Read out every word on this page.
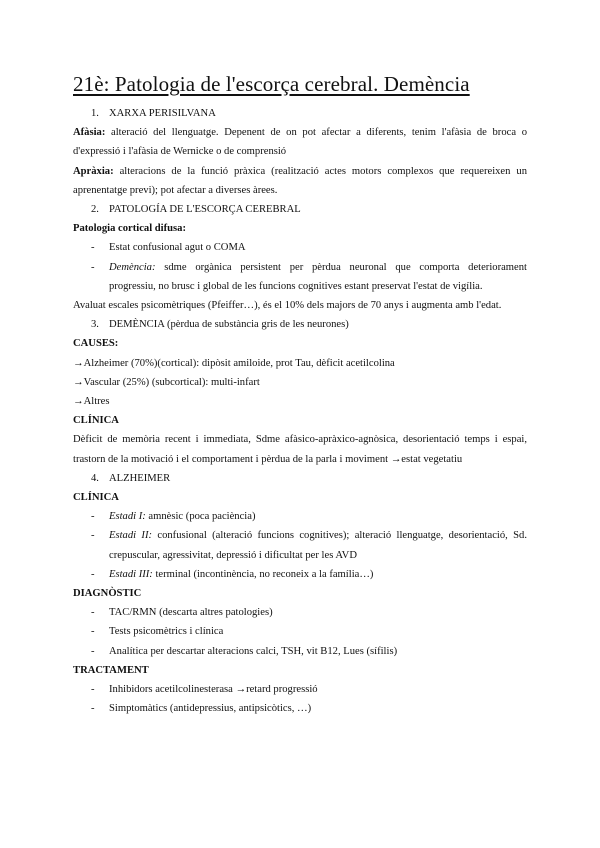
21è: Patologia de l'escorça cerebral. Demència
1. XARXA PERISILVANA
Afàsia: alteració del llenguatge. Depenent de on pot afectar a diferents, tenim l'afàsia de broca o
d'expressió i l'afàsia de Wernicke o de comprensió
Apràxia: alteracions de la funció pràxica (realització actes motors complexos que requereixen un
aprenentatge previ); pot afectar a diverses àrees.
2. PATOLOGÍA DE L'ESCORÇA CEREBRAL
Patologia cortical difusa:
- Estat confusional agut o COMA
- Demència: sdme orgànica persistent per pèrdua neuronal que comporta deteriorament
progressiu, no brusc i global de les funcions cognitives estant preservat l'estat de vigília.
Avaluat escales psicomètriques (Pfeiffer…), és el 10% dels majors de 70 anys i augmenta amb l'edat.
3. DEMÈNCIA (pèrdua de substància gris de les neurones)
CAUSES:
→Alzheimer (70%)(cortical): dipòsit amiloide, prot Tau, dèficit acetilcolina
→Vascular (25%) (subcortical): multi-infart
→Altres
CLÍNICA
Dèficit de memòria recent i immediata, Sdme afàsico-apràxico-agnòsica, desorientació temps i espai,
trastorn de la motivació i el comportament i pèrdua de la parla i moviment →estat vegetatiu
4. ALZHEIMER
CLÍNICA
- Estadi I: amnèsic (poca paciència)
- Estadi II: confusional (alteració funcions cognitives); alteració llenguatge, desorientació, Sd.
crepuscular, agressivitat, depressió i dificultat per les AVD
- Estadi III: terminal (incontinència, no reconeix a la família…)
DIAGNÒSTIC
- TAC/RMN (descarta altres patologies)
- Tests psicomètrics i clínica
- Analítica per descartar alteracions calci, TSH, vit B12, Lues (sífilis)
TRACTAMENT
- Inhibidors acetilcolinesterasa →retard progressió
- Simptomàtics (antidepressius, antipsicòtics, …)
